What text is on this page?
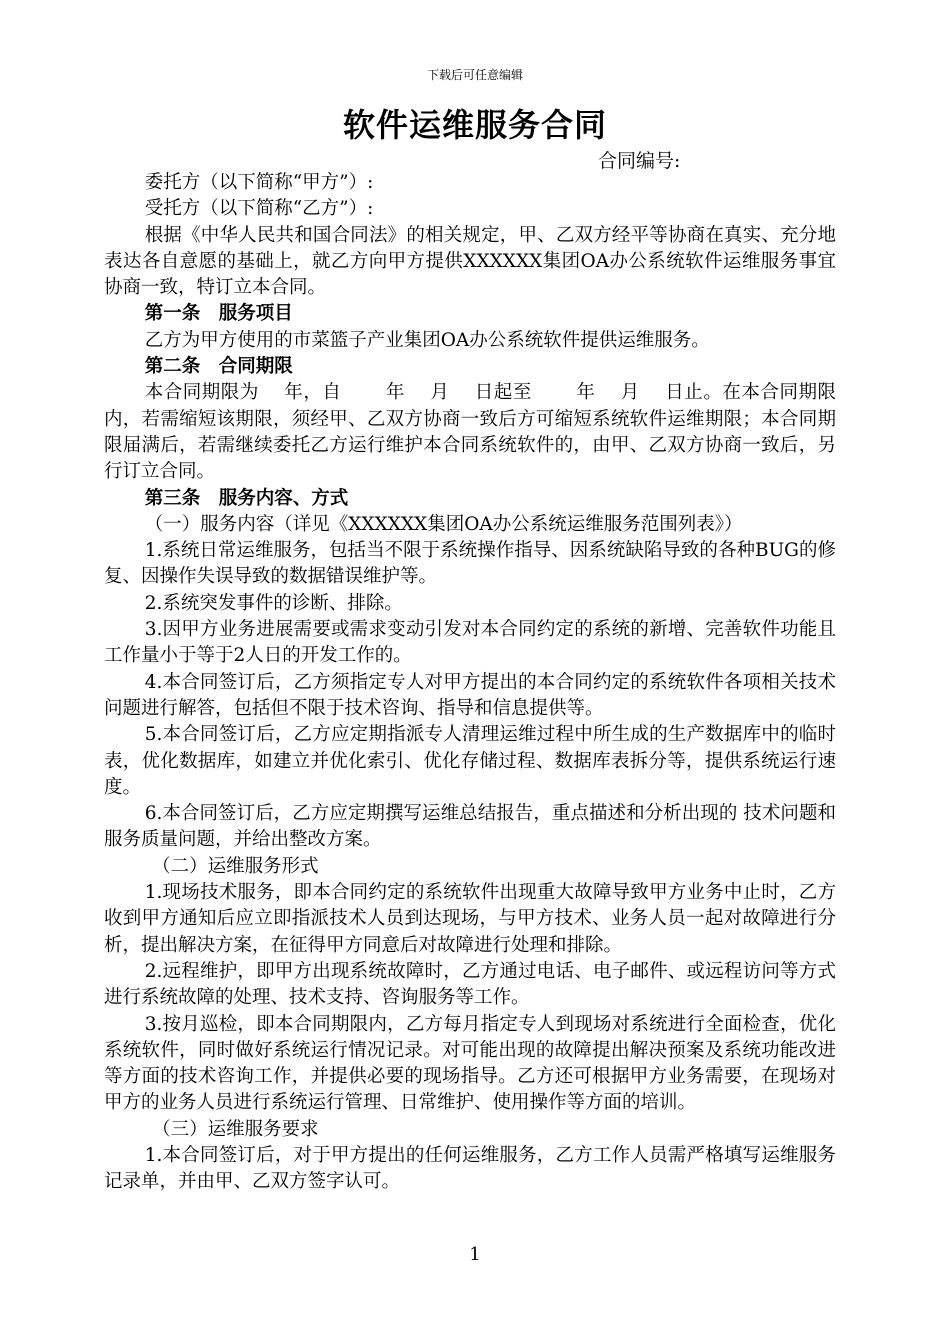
下载后可任意编辑
软件运维服务合同
合同编号:

委托方（以下简称“甲方”）:

受托方（以下简称“乙方”）:

根据《中华人民共和国合同法》的相关规定，甲、乙双方经平等协商在真实、充分地表达各自意愿的基础上，就乙方向甲方提供XXXXXX集团OA办公系统软件运维服务事宜协商一致，特订立本合同。

第一条　服务项目

乙方为甲方使用的市菜篮子产业集团OA办公系统软件提供运维服务。

第二条　合同期限

本合同期限为　 年，自　　 年　 月　 日起至　　 年　 月　 日止。在本合同期限内，若需缩短该期限，须经甲、乙双方协商一致后方可缩短系统软件运维期限；本合同期限届满后，若需继续委托乙方运行维护本合同系统软件的，由甲、乙双方协商一致后，另行订立合同。

第三条　服务内容、方式

（一）服务内容（详见《XXXXXX集团OA办公系统运维服务范围列表》）

1.系统日常运维服务，包括当不限于系统操作指导、因系统缺陷导致的各种BUG的修复、因操作失误导致的数据错误维护等。

2.系统突发事件的诊断、排除。

3.因甲方业务进展需要或需求变动引发对本合同约定的系统的新增、完善软件功能且工作量小于等于2人日的开发工作的。

4.本合同签订后，乙方须指定专人对甲方提出的本合同约定的系统软件各项相关技术问题进行解答，包括但不限于技术咨询、指导和信息提供等。

5.本合同签订后，乙方应定期指派专人清理运维过程中所生成的生产数据库中的临时表，优化数据库，如建立并优化索引、优化存储过程、数据库表拆分等，提供系统运行速度。

6.本合同签订后，乙方应定期撰写运维总结报告，重点描述和分析出现的 技术问题和服务质量问题，并给出整改方案。

（二）运维服务形式

1.现场技术服务，即本合同约定的系统软件出现重大故障导致甲方业务中止时，乙方收到甲方通知后应立即指派技术人员到达现场，与甲方技术、业务人员一起对故障进行分析，提出解决方案，在征得甲方同意后对故障进行处理和排除。

2.远程维护，即甲方出现系统故障时，乙方通过电话、电子邮件、或远程访问等方式进行系统故障的处理、技术支持、咨询服务等工作。

3.按月巡检，即本合同期限内，乙方每月指定专人到现场对系统进行全面检查，优化系统软件，同时做好系统运行情况记录。对可能出现的故障提出解决预案及系统功能改进等方面的技术咨询工作，并提供必要的现场指导。乙方还可根据甲方业务需要，在现场对甲方的业务人员进行系统运行管理、日常维护、使用操作等方面的培训。

（三）运维服务要求

1.本合同签订后，对于甲方提出的任何运维服务，乙方工作人员需严格填写运维服务记录单，并由甲、乙双方签字认可。

1
